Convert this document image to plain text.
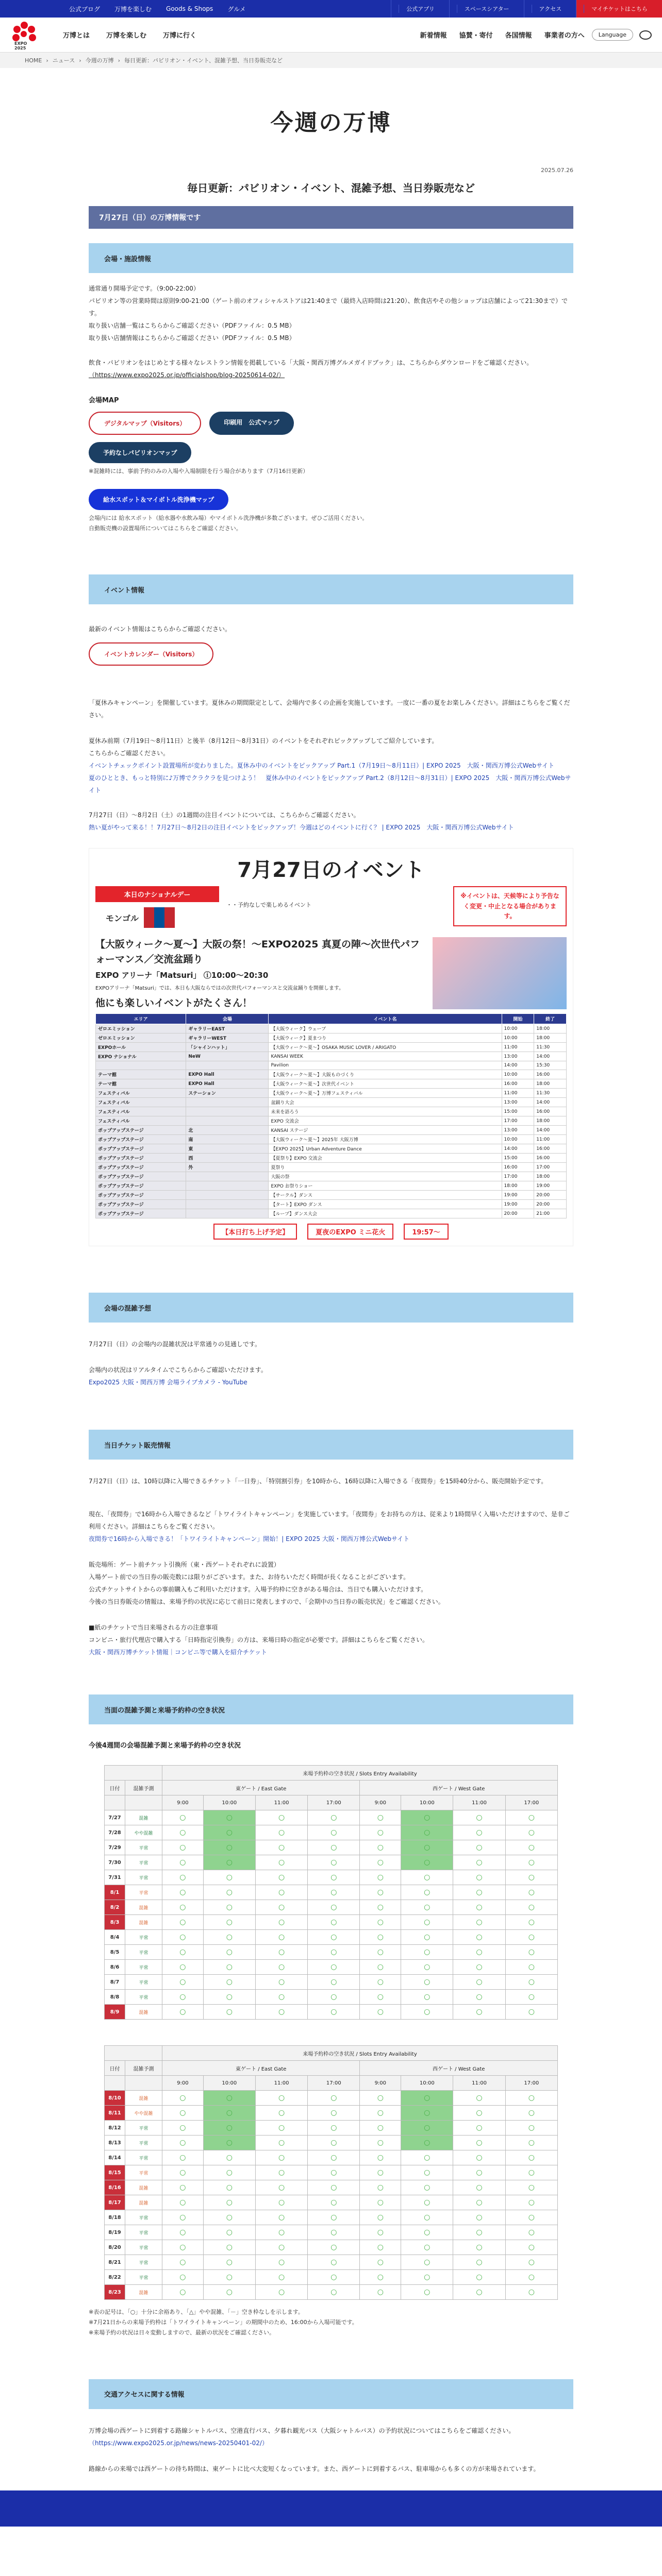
公式ブログ	万博を楽しむ	Goods & Shops	グルメ	公式アプリ	スペースシアター	アクセス	マイチケットはこちら
EXPO 2025
万博とは	万博を楽しむ	万博に行く	新着情報	協賛・寄付	各国情報	事業者の方へ	Language
HOME › ニュース › 今週の万博 › 毎日更新：パビリオン・イベント、混雑予想、当日券販売など
今週の万博
2025.07.26
毎日更新：パビリオン・イベント、混雑予想、当日券販売など
7月27日（日）の万博情報です
会場・施設情報
通常通り開場予定です。（9:00-22:00）
パビリオン等の営業時間は原則9:00-21:00（ゲート前のオフィシャルストアは21:40まで（最終入店時間は21:20）、飲食店やその他ショップは店舗によって21:30まで）です。
取り扱い店舗一覧はこちらからご確認ください（PDFファイル：0.5 MB）
取り扱い店舗情報はこちらからご確認ください（PDFファイル：0.5 MB）

飲食・パビリオンをはじめとする様々なレストラン情報を掲載している「大阪・関西万博グルメガイドブック」は、こちらからダウンロードをご確認ください。
（https://www.expo2025.or.jp/officialshop/blog-20250614-02/）
会場MAP
デジタルマップ（Visitors）	印刷用　公式マップ
予約なしパビリオンマップ
※混雑時には、事前予約のみの入場や入場制限を行う場合があります（7月16日更新）
給水スポット＆マイボトル洗浄機マップ
会場内には 給水スポット（給水器や水飲み場）やマイボトル洗浄機が多数ございます。ぜひご活用ください。
自動販売機の設置場所についてはこちらをご確認ください。
イベント情報
最新のイベント情報はこちらからご確認ください。
イベントカレンダー（Visitors）
「夏休みキャンペーン」を開催しています。夏休みの期間限定として、会場内で多くの企画を実施しています。一度に一番の夏をお楽しみください。詳細はこちらをご覧ください。
夏休み前期（7月19日〜8月11日）と後半（8月12日〜8月31日）のイベントをそれぞれピックアップしてご紹介しています。
こちらからご確認ください。
イベントチェックポイント設置場所が変わりました。夏休み中のイベントをピックアップ Part.1（7月19日〜8月11日）| EXPO 2025　大阪・関西万博公式Webサイト
夏のひととき、もっと特別に♪万博でクラクラを見つけよう！　夏休み中のイベントをピックアップ Part.2（8月12日〜8月31日）| EXPO 2025　大阪・関西万博公式Webサイト

7月27日（日）〜8月2日（土）の1週間の注目イベントについては、こちらからご確認ください。
熱い夏がやって来る！！7月27日〜8月2日の注目イベントをピックアップ！今週はどのイベントに行く？ | EXPO 2025　大阪・関西万博公式Webサイト
7月27日のイベント
本日のナショナルデー
モンゴル
・・予約なしで楽しめるイベント
※イベントは、天候等により予告なく変更・中止となる場合があります。
【大阪ウィーク〜夏〜】大阪の祭！〜EXPO2025 真夏の陣〜次世代パフォーマンス／交流盆踊り
EXPO アリーナ「Matsuri」 ⓘ10:00〜20:30
EXPOアリーナ「Matsuri」では、本日も大阪ならではの次世代パフォーマンスと交流盆踊りを開催します。
他にも楽しいイベントがたくさん！
エリア	会場	イベント名	開始	終了
ゼロエミッション	ギャラリーEAST	【大阪ウィーク】ウェーブ	10:00	18:00
ゼロエミッション	ギャラリーWEST	【大阪ウィーク】夏まつり	10:00	18:00
EXPOホール	「シャインハット」	【大阪ウィーク〜夏〜】OSAKA MUSIC LOVER / ARIGATO	11:00	11:30
EXPO ナショナル	NeW	KANSAI WEEK	13:00	14:00
		Pavilion	14:00	15:30
テーマ館	EXPO Hall	【大阪ウィーク〜夏〜】大阪ものづくり	10:00	16:00
テーマ館	EXPO Hall	【大阪ウィーク〜夏〜】次世代イベント	16:00	18:00
フェスティバル	ステーション	【大阪ウィーク〜夏〜】万博フェスティバル	11:00	11:30
フェスティバル		盆踊り大会	13:00	14:00
フェスティバル		未来を語ろう	15:00	16:00
フェスティバル		EXPO 交流会	17:00	18:00
ポップアップステージ	北	KANSAI ステージ	13:00	14:00
ポップアップステージ	南	【大阪ウィーク〜夏〜】2025年 大阪万博	10:00	11:00
ポップアップステージ	東	【EXPO 2025】Urban Adventure Dance	14:00	16:00
ポップアップステージ	西	【夏祭り】EXPO 交流会	15:00	16:00
ポップアップステージ	外	夏祭り	16:00	17:00
ポップアップステージ		大阪の祭	17:00	18:00
ポップアップステージ		EXPO お祭りショー	18:00	19:00
ポップアップステージ		【サークル】ダンス	19:00	20:00
ポップアップステージ		【タート】EXPO ダンス	19:00	20:00
ポップアップステージ		【ループ】ダンス大会	20:00	21:00
【本日打ち上げ予定】	夏夜のEXPO ミニ花火	19:57〜
会場の混雑予想
7月27日（日）の会場内の混雑状況は平常通りの見通しです。
会場内の状況はリアルタイムでこちらからご確認いただけます。
Expo2025 大阪・関西万博 会場ライブカメラ - YouTube
当日チケット販売情報
7月27日（日）は、10時以降に入場できるチケット「一日券」、「特別割引券」を10時から、16時以降に入場できる「夜間券」を15時40分から、販売開始予定です。
現在、「夜間券」で16時から入場できるなど「トワイライトキャンペーン」を実施しています。「夜間券」をお持ちの方は、従来より1時間早く入場いただけますので、是非ご利用ください。詳細はこちらをご覧ください。
夜間券で16時から入場できる！「トワイライトキャンペーン」開始！| EXPO 2025 大阪・関西万博公式Webサイト
販売場所：ゲート前チケット引換所（東・西ゲートそれぞれに設置）
入場ゲート前での当日券の販売数には限りがございます。また、お待ちいただく時間が長くなることがございます。
公式チケットサイトからの事前購入もご利用いただけます。入場予約枠に空きがある場合は、当日でも購入いただけます。
今後の当日券販売の情報は、来場予約の状況に応じて前日に発表しますので、「会期中の当日券の販売状況」をご確認ください。
■紙のチケットで当日来場される方の注意事項
コンビニ・旅行代理店で購入する「日時指定引換券」の方は、来場日時の指定が必要です。詳細はこちらをご覧ください。
大阪・関西万博チケット情報｜コンビニ等で購入を紹介チケット
当面の混雑予測と来場予約枠の空き状況
今後4週間の会場混雑予測と来場予約枠の空き状況
		来場予約枠の空き状況 / Slots Entry Availability							
日付	混雑予測	東ゲート / East Gate				西ゲート / West Gate			
		9:00	10:00	11:00	17:00	9:00	10:00	11:00	17:00
7/27	混雑	○	○	○	○	○	○	○	○
7/28	やや混雑	○	○	○	○	○	○	○	○
7/29	平常	○	○	○	○	○	○	○	○
7/30	平常	○	○	○	○	○	○	○	○
7/31	平常	○	○	○	○	○	○	○	○
8/1	平常	○	○	○	○	○	○	○	○
8/2	混雑	○	○	○	○	○	○	○	○
8/3	混雑	○	○	○	○	○	○	○	○
8/4	平常	○	○	○	○	○	○	○	○
8/5	平常	○	○	○	○	○	○	○	○
8/6	平常	○	○	○	○	○	○	○	○
8/7	平常	○	○	○	○	○	○	○	○
8/8	平常	○	○	○	○	○	○	○	○
8/9	混雑	○	○	○	○	○	○	○	○
		来場予約枠の空き状況 / Slots Entry Availability							
日付	混雑予測	東ゲート / East Gate				西ゲート / West Gate			
		9:00	10:00	11:00	17:00	9:00	10:00	11:00	17:00
8/10	混雑	○	○	○	○	○	○	○	○
8/11	やや混雑	○	○	○	○	○	○	○	○
8/12	平常	○	○	○	○	○	○	○	○
8/13	平常	○	○	○	○	○	○	○	○
8/14	平常	○	○	○	○	○	○	○	○
8/15	平常	○	○	○	○	○	○	○	○
8/16	混雑	○	○	○	○	○	○	○	○
8/17	混雑	○	○	○	○	○	○	○	○
8/18	平常	○	○	○	○	○	○	○	○
8/19	平常	○	○	○	○	○	○	○	○
8/20	平常	○	○	○	○	○	○	○	○
8/21	平常	○	○	○	○	○	○	○	○
8/22	平常	○	○	○	○	○	○	○	○
8/23	混雑	○	○	○	○	○	○	○	○
※表の記号は、「○」十分に余裕あり、「△」やや混雑、「－」空き枠なしを示します。
※7月21日からの来場予約枠は「トワイライトキャンペーン」の期間中のため、16:00から入場可能です。
※来場予約の状況は日々変動しますので、最新の状況をご確認ください。
交通アクセスに関する情報
万博会場の西ゲートに到着する路線シャトルバス、空港直行バス、夕暮れ観光バス（大阪シャトルバス）の予約状況についてはこちらをご確認ください。
（https://www.expo2025.or.jp/news/news-20250401-02/）
路線からの来場では西ゲートの待ち時間は、東ゲートに比べ大変短くなっています。また、西ゲートに到着するバス、駐車場からも多くの方が来場されています。
